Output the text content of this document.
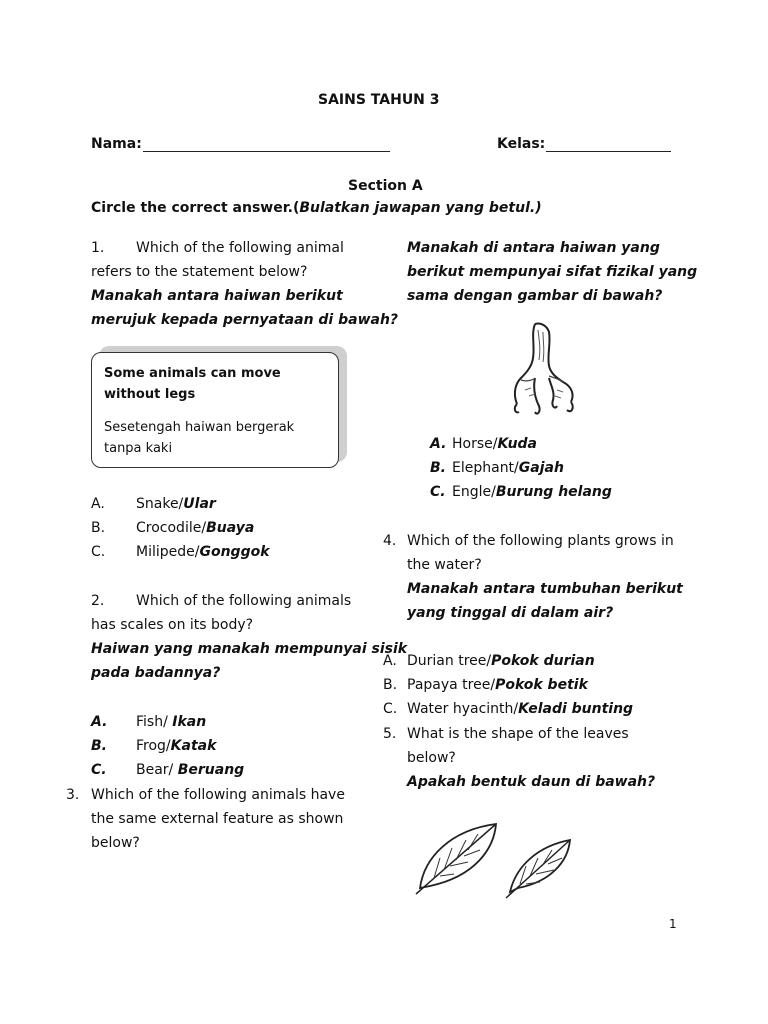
SAINS TAHUN 3
Nama:	Kelas:
Section A
Circle the correct answer.(Bulatkan jawapan yang betul.)
1. Which of the following animal
refers to the statement below?
Manakah antara haiwan berikut
merujuk kepada pernyataan di bawah?
Some animals can move without legs
Sesetengah haiwan bergerak tanpa kaki
A. Snake/Ular
B. Crocodile/Buaya
C. Milipede/Gonggok
2. Which of the following animals
has scales on its body?
Haiwan yang manakah mempunyai sisik
pada badannya?
A. Fish/ Ikan
B. Frog/Katak
C. Bear/ Beruang
3. Which of the following animals have
the same external feature as shown
below?
Manakah di antara haiwan yang
berikut mempunyai sifat fizikal yang
sama dengan gambar di bawah?
A. Horse/Kuda
B. Elephant/Gajah
C. Engle/Burung helang
4. Which of the following plants grows in
the water?
Manakah antara tumbuhan berikut
yang tinggal di dalam air?
A. Durian tree/Pokok durian
B. Papaya tree/Pokok betik
C. Water hyacinth/Keladi bunting
5. What is the shape of the leaves
below?
Apakah bentuk daun di bawah?
1
